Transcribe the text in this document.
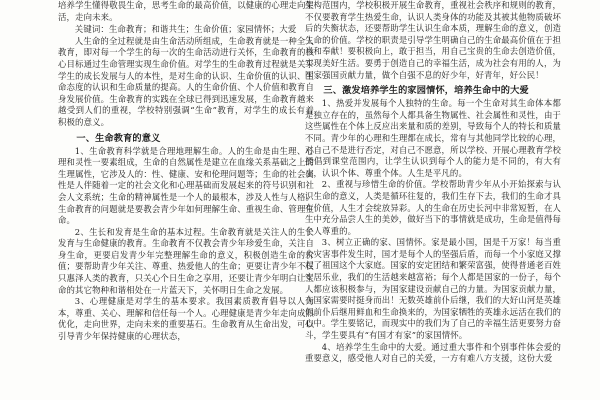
培养学生懂得敬畏生命，思考生命的最高价值，以健康的心理走向生活，走向未来。

关键词：生命教育；和谐共生；生命价值；家园情怀；大爱

人生命的全过程就是由生命活动所组成，生命教育就是一种全人教育，即对每一个学生的每一次的生命活动进行关怀，生命教育的核心目标通过生命管理实现生命价值。对学生的生命教育过程就是关乎学生的成长发展与人的本性，是对生命的认识、生命价值的认识、生命态度的认识和生命质量的提高。人的生命价值、个人价值和教育自身发展价值。生命教育的实践在全球已得到迅速发展，生命教育越来越受到人们的重视，学校特别强调“生命”教育，对学生的成长有着积极的意义。

一、生命教育的意义

1、生命教育科学就是合理地理解生命。人的生命是由生理、心理和灵性一要素组成，生命的自然属性是建立在血缘关系基础之上的生理属性，它涉及人的：性、健康、安和伦理问题等；生命的社会属性是人伴随着一定的社会文化和心理基础而发展起来的符号识别和社会人文系统；生命的精神属性是一个人的最根本，涉及人性与人格。生命教育的问题就是要教会青少年如何理解生命、重视生命、管理生命。

2、生长和发育是生命的基本过程。生命教育就是关注人的生长发育与生命健康的教育。生命教育不仅教会青少年珍爱生命，关注自身生命，更要启发青少年完整理解生命的意义，积极创造生命的价值；要帮助青少年关注、尊重、热爱他人的生命；更要让青少年不仅只惠泽人类的教育，只关心个日生命之享用，还要让青少年明白让生命的其它物种和谐相处在一片蓝天下，关怀明日生命之发展。

3、心理健康是对学生的基本要求。我国素质教育倡导以人为本，尊重、关心、理解和信任每一个人。心理健康是青少年走向成熟优化，走向世界，走向未来的重要基石。生命教育从生命出发，可以引导青少年保持健康的心理状态，

架构范围内，学校积极开展生命教育，重视社会秩序和规则的教育，不仅要教育学生热爱生命，认识人类身体的功能及其被其他物质破坏后的失衡状态，还要帮助学生认识生命本质，理解生命的意义，创造生命的价值。学校的职责是引导学生明确自己的生命最高价值在于担当和奉献！要积极向上，敢于担当，用自己宝贵的生命去创造价值，实现美好生活。要勇于创造自己的幸福生活，成为社会有用的人，为国家强国贡献力量，做个自强不息的好少年，好青年，好公民！

三、激发培养学生的家园情怀，培养生命中的大爱

1、热爱并发展每个人独特的生命。每一个生命对其生命体本都是独立存在的，虽然每个人都具备生物属性、社会属性和灵性，由于这些属性在个体上反应出来量和质的差别，导致每个人的特长和质量不同。青少年的心理和生理都在成长，常有与其他同学比较的心理，对自己不是进行否定，对自己不愿意，所以学校、开展心理教育学校提倡到课堂范围内，让学生认识到每个人的能力是不同的，有大有小，认识个体、尊重个体。人生是平凡的。

2、重视与珍惜生命的价值。学校帮助青少年从小开始探索与认识生命的意义，人类是循环往复的，我们生存下去，我们的生命才具有价值，人生才会绽放异彩。人的生命在历史长河中非常短暂，在人生中充分品尝人生的美妙，做好当下的事情就是成功，生命是值得每个人尊重的。

3、树立正确的家、国情怀。家是最小国，国是千万家！每当重大灾害事件发生时，国才是每个人的坚强后盾，而每一个小家庭又撑起了祖国这个大家庭。国家的安定团结和繁荣富强，使得普通老百姓安居乐业，我们的生活越来越富裕；每个人都是国家的一份子，每个人都应该积极参与，为国家建设贡献自己的力量。为国家贡献力量，在国家需要时挺身而出！无数英雄前仆后继，我们的大好山河是英雄们前仆后继用鲜血和生命换来的，为国家牺牲的英雄永远活在我们的心中。学生要铭记，而现实中的我们为了自己的幸福生活更要努力奋斗，学生要具有“有国才有家”的家国情怀。

4、培养学生生命中的大爱。通过重大事件和个别事件体会爱的重要意义，感受他人对自己的关爱，一方有难八方支援，这份大爱
